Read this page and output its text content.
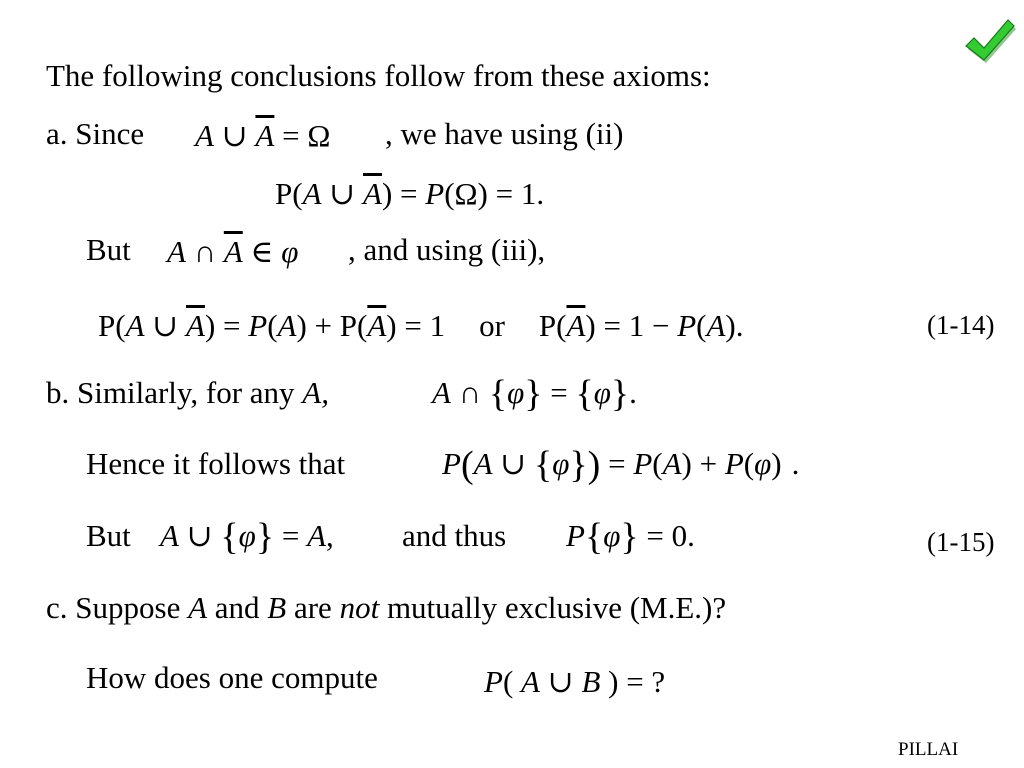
The following conclusions follow from these axioms:
a. Since A ∪ $\overline{A} = \Omega$ , we have using (ii)
P(A ∪ $\overline{A}) = P(\Omega) = 1$.
But A ∩ $\overline{A}$ ∈ φ , and using (iii),
P(A ∪ $\overline{A}) = P(A) + P(\overline{A}) = 1$ or $P(\overline{A}) = 1 - P(A)$.	(1-14)
b. Similarly, for any A,	A ∩ {φ} = {φ}.
Hence it follows that	P(A ∪ {φ}) = P(A) + P(φ) .
But A ∪ {φ} = A, and thus P{φ} = 0.	(1-15)
c. Suppose A and B are not mutually exclusive (M.E.)?
How does one compute	P( A ∪ B ) = ?
PILLAI
